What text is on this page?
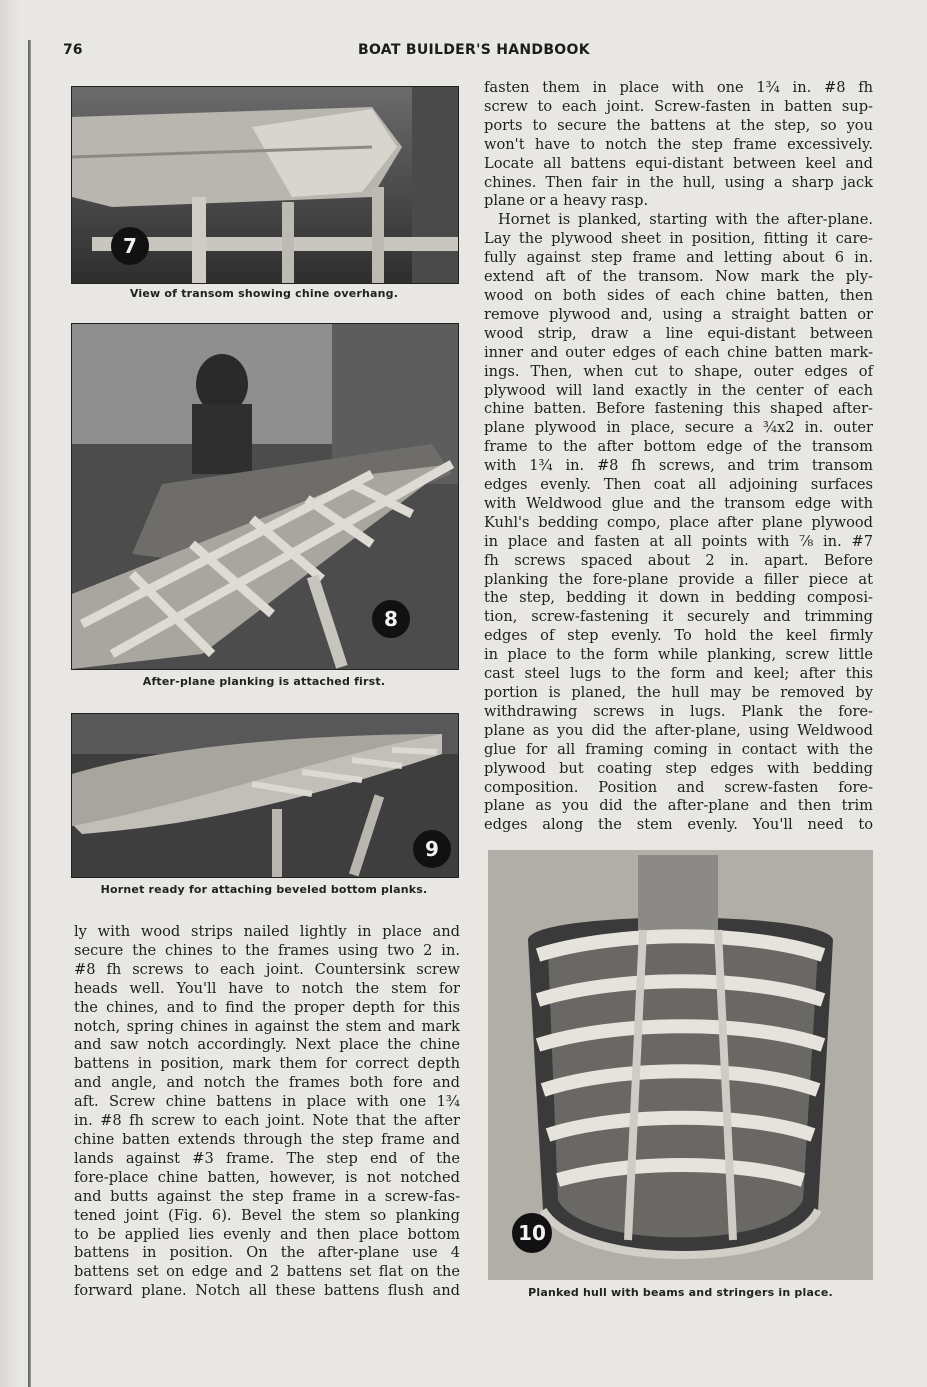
76	BOAT BUILDER'S HANDBOOK
7
View of transom showing chine overhang.
8
After-plane planking is attached first.
9
Hornet ready for attaching beveled bottom planks.
10
Planked hull with beams and stringers in place.

fasten them in place with one 1¾ in. #8 fh
screw to each joint. Screw-fasten in batten sup-
ports to secure the battens at the step, so you
won't have to notch the step frame excessively.
Locate all battens equi-distant between keel and
chines. Then fair in the hull, using a sharp jack
plane or a heavy rasp.

Hornet is planked, starting with the after-plane.
Lay the plywood sheet in position, fitting it care-
fully against step frame and letting about 6 in.
extend aft of the transom. Now mark the ply-
wood on both sides of each chine batten, then
remove plywood and, using a straight batten or
wood strip, draw a line equi-distant between
inner and outer edges of each chine batten mark-
ings. Then, when cut to shape, outer edges of
plywood will land exactly in the center of each
chine batten. Before fastening this shaped after-
plane plywood in place, secure a ¾x2 in. outer
frame to the after bottom edge of the transom
with 1¾ in. #8 fh screws, and trim transom
edges evenly. Then coat all adjoining surfaces
with Weldwood glue and the transom edge with
Kuhl's bedding compo, place after plane plywood
in place and fasten at all points with ⅞ in. #7
fh screws spaced about 2 in. apart. Before
planking the fore-plane provide a filler piece at
the step, bedding it down in bedding composi-
tion, screw-fastening it securely and trimming
edges of step evenly. To hold the keel firmly
in place to the form while planking, screw little
cast steel lugs to the form and keel; after this
portion is planed, the hull may be removed by
withdrawing screws in lugs. Plank the fore-
plane as you did the after-plane, using Weldwood
glue for all framing coming in contact with the
plywood but coating step edges with bedding
composition. Position and screw-fasten fore-
plane as you did the after-plane and then trim
edges along the stem evenly. You'll need to

ly with wood strips nailed lightly in place and
secure the chines to the frames using two 2 in.
#8 fh screws to each joint. Countersink screw
heads well. You'll have to notch the stem for
the chines, and to find the proper depth for this
notch, spring chines in against the stem and mark
and saw notch accordingly. Next place the chine
battens in position, mark them for correct depth
and angle, and notch the frames both fore and
aft. Screw chine battens in place with one 1¾
in. #8 fh screw to each joint. Note that the after
chine batten extends through the step frame and
lands against #3 frame. The step end of the
fore-place chine batten, however, is not notched
and butts against the step frame in a screw-fas-
tened joint (Fig. 6). Bevel the stem so planking
to be applied lies evenly and then place bottom
battens in position. On the after-plane use 4
battens set on edge and 2 battens set flat on the
forward plane. Notch all these battens flush and
